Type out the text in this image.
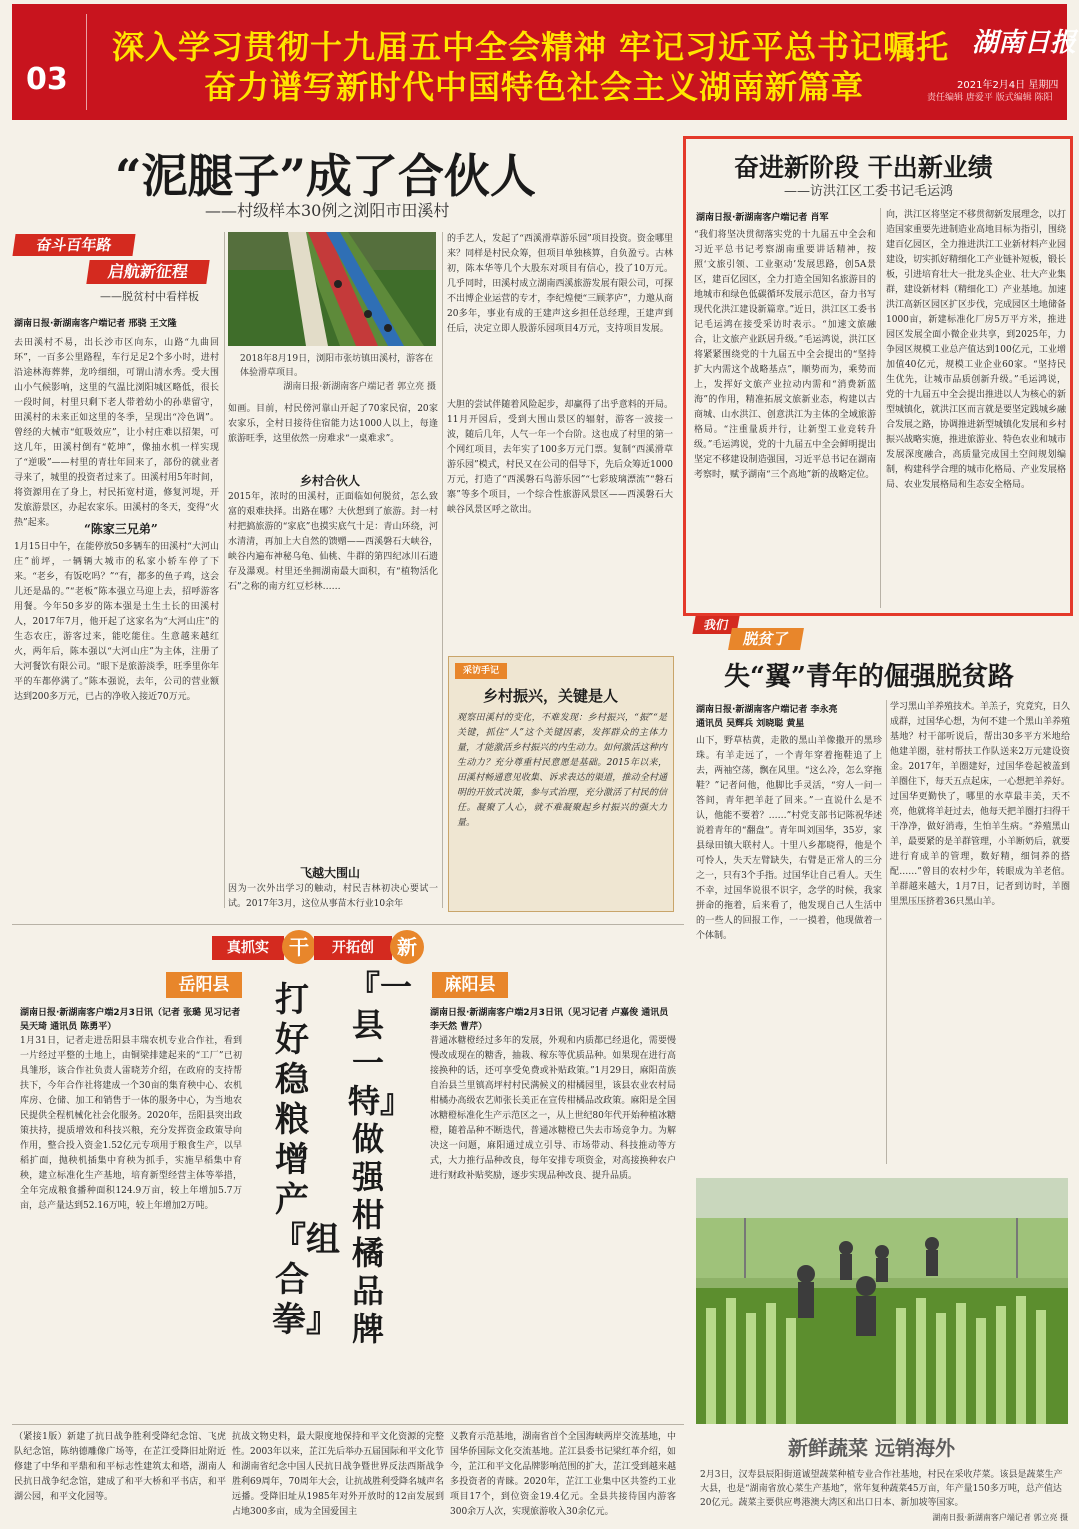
03
深入学习贯彻十九届五中全会精神 牢记习近平总书记嘱托
奋力谱写新时代中国特色社会主义湖南新篇章
湖南日报
2021年2月4日 星期四
责任编辑 唐爱平 版式编辑 陈阳
“泥腿子”成了合伙人
——村级样本30例之浏阳市田溪村
奋斗百年路
启航新征程
——脱贫村中看样板
湖南日报·新湖南客户端记者 邢骁 王文隆
去田溪村不易，出长沙市区向东，山路“九曲回环”，一百多公里路程，车行足足2个多小时，进村沿途林海葬葬，龙吟细细，可谓山清水秀。受大围山小气候影响，这里的气温比浏阳城区略低，很长一段时间，村里只剩下老人带着幼小的孙辈留守，田溪村的未来正如这里的冬季，呈现出“冷色调”。曾经的大械市“虹吸效应”，让小村庄难以招架，可这几年，田溪村倒有“乾坤”，像抽水机一样实现了“逆吸”——村里的青壮年回来了，部份的就业者寻来了，城里的投资者过来了。田溪村用5年时间，将资源用在了身上，村民拓宽村道，修复河堤，开发旅游景区，办起农家乐。田溪村的冬天，变得“火热”起来。	“陈家三兄弟”
1月15日中午，在能停放50多辆车的田溪村“大河山庄”前坪，一辆辆大城市的私家小轿车停了下来。“老乡，有饭吃吗？”“有，都多的鱼子鸡，这会儿还是晶的。”“老板”陈本强立马迎上去，招呼游客用餐。今年50多岁的陈本强是土生土长的田溪村人，2017年7月，他开起了这家名为“大河山庄”的生态农庄，游客过来，能吃能住。生意越来越红火，两年后，陈本强以“大河山庄”为主体，注册了大河餐饮有限公司。“眼下是旅游淡季，旺季里你年平的车都停满了。”陈本强说，去年，公司的营业额达到200多万元，已占的净收入接近70万元。
2018年8月19日，浏阳市张坊镇田溪村，游客在体验滑草项目。
湖南日报·新湖南客户端记者 郭立亮 摄
如画。目前，村民傍河靠山开起了70家民宿，20家农家乐，全村日接待住宿能力达1000人以上，每逢旅游旺季，这里依然一房难求“一桌难求”。
乡村合伙人
2015年，浓时的田溪村，正面临如何脱贫，怎么致富的艰难抉择。出路在哪？大伙想到了旅游。封一村村把搞旅游的“家底”也摸实底气十足：青山环绕，河水清清，再加上大自然的馈赠——西溪磐石大峡谷，峡谷内遍布神秘乌龟、仙桃、牛群的第四纪冰川石遗存及瀑观。村里还坐拥湖南最大面积，有“植物活化石”之称的南方红豆杉林……
飞越大围山
因为一次外出学习的触动，村民吉林初决心要试一试。2017年3月，这位从事苗木行业10余年
的手艺人，发起了“西溪滑草游乐园”项目投资。资金哪里来？同样是村民众筹，但项目单独核算，自负盈亏。古林初，陈本华等几个大股东对项目有信心，投了10万元。几乎同时，田溪村成立湖南西溪旅游发展有限公司，可探不出博企业运营的专才，李纪煌便“三顾茅庐”，力邀从商20多年，事业有成的王建声这乡担任总经理，王建声到任后，决定立即人股游乐园项目4万元，支持项目发展。
大胆的尝试伴随着风险起步，却赢得了出乎意料的开局。11月开园后，受到大围山景区的辐射，游客一波接一波，随后几年，人气一年一个台阶。这也成了村里的第一个网红项目，去年实了100多万元门票。复制“西溪滑草游乐园”模式，村民又在公司的倡导下，先后众筹近1000万元，打造了“西溪磐石鸟游乐园”“七彩玻璃漂流”“磐石寨”等多个项目，一个综合性旅游风景区——西溪磐石大峡谷风景区呼之欲出。
采访手记
乡村振兴，关键是人
观察田溪村的变化，不难发现：乡村振兴，“振”“是关键，抓住“人”这个关键因素，发挥群众的主体力量，才能激活乡村振兴的内生动力。如何激活这种内生动力？充分尊重村民意愿是基础。2015年以来，田溪村畅通意见收集、诉求表达的渠道，推动全村通明的开放式决策，参与式治理，充分激活了村民的信任。凝聚了人心，就不难凝聚起乡村振兴的强大力量。
奋进新阶段 干出新业绩
——访洪江区工委书记毛运鸿
湖南日报·新湖南客户端记者 肖军
“我们将坚决贯彻落实党的十九届五中全会和习近平总书记考察湖南重要讲话精神，按照‘文旅引领、工业驱动’发展思路，创5A景区，建百亿园区，全力打造全国知名旅游目的地城市和绿色低碳循环发展示范区，奋力书写现代化洪江建设新篇章。”近日，洪江区工委书记毛运鸿在接受采访时表示。“加速文旅融合，让文旅产业跃居升级。”毛运鸿说，洪江区将紧紧围绕党的十九届五中全会提出的“坚持扩大内需这个战略基点”，顺势而为，乘势而上，发挥好文旅产业拉动内需和“消费新蓝海”的作用，精准拓展文旅新业态，构建以古商城、山水洪江、创意洪江为主体的全域旅游格局。“注重量质并行，让新型工业竞转升级。”毛运鸿说，党的十九届五中全会鲜明提出坚定不移建设制造强国，习近平总书记在湖南考察时，赋予湖南“三个高地”新的战略定位。
向，洪江区将坚定不移贯彻新发展理念，以打造国家重要先进制造业高地目标为指引，围绕建百亿园区，全力推进洪江工业新材料产业园建设，切实抓好精细化工产业链补短板，锻长板，引进培育壮大一批龙头企业、壮大产业集群，建设新材料（精细化工）产业基地。加速洪江高新区园区扩区步伐，完成园区土地储备1000亩，新建标准化厂房5万平方米，推进园区发展全面小微企业共享，到2025年，力争园区规模工业总产值达到100亿元，工业增加值40亿元，规模工业企业60家。“坚持民生优先，让城市品质创新升级。”毛运鸿说，党的十九届五中全会提出推进以人为核心的新型城镇化，就洪江区而言就是要坚定践城乡融合发展之路，协调推进新型城镇化发展和乡村振兴战略实施，推进旅游业、特色农业和城市发展深度融合，高质量完成国土空间规划编制，构建科学合理的城市化格局、产业发展格局、农业发展格局和生态安全格局。
我们
脱贫了
失“翼”青年的倔强脱贫路
湖南日报·新湖南客户端记者 李永亮
通讯员 吴辉兵 刘晓聪 黄星
山下，野草枯黄，走散的黑山羊像撒开的黑珍珠。有羊走远了，一个青年穿着拖鞋追了上去，两袖空荡，飘在风里。“这么冷，怎么穿拖鞋？”记者问他，他脚比手灵活，“穷人一问一答间，青年把羊赶了回来。”一直说什么是不认，他能不要着？……”村党支部书记陈祝华述说着青年的“翻盘”。青年叫刘国华，35岁，家县绿田镇大联村人。十里八乡都晓得，他是个可怜人，失天左臂缺失，右臂是正常人的三分之一，只有3个手指。过国华让自己看人。天生不幸，过国华说很不识字，念学的时候，我家拼命的拖着，后来看了，他发现自己人生活中的一些人的回报工作，一一摸着，他现做着一个体制。
学习黑山羊养殖技术。羊羔子，究竟究，日久成群，过国华心想，为何不建一个黑山羊养殖基地？村干部听说后，帮出30多平方米地给他建羊圈，驻村帮扶工作队送来2万元建设资金。2017年，羊圈建好，过国华卷起被盖到羊圈住下，每天五点起床，一心想把羊养好。过国华更勤快了，哪里的水草最丰美，天不亮，他就将羊赶过去，他每天把羊圈打扫得干干净净，做好消毒，生怕羊生病。“养殖黑山羊，最要紧的是羊群管理，小羊断奶后，就要进行育成羊的管理，数好精，细饲养的搭配……”曾目的农村少年，转眼成为羊老倌。羊群越来越大，1月7日，记者到访时，羊圈里黑压压挤着36只黑山羊。
真抓实	干	开拓创	新
岳阳县	麻阳县
湖南日报·新湖南客户端2月3日讯（记者 张璐 见习记者 吴天琦 通讯员 陈勇平）
1月31日，记者走进岳阳县丰瑞农机专业合作社，看到一片经过平整的土地上，由铜梁排建起来的“工厂”已初具雏形，该合作社负责人雷晓芳介绍，在政府的支持帮扶下，今年合作社将建成一个30亩的集育秧中心、农机库房、仓储、加工和销售于一体的服务中心，为当地农民提供全程机械化社会化服务。2020年，岳阳县突出政策扶持，提质增效和科技兴粮，充分发挥资金政策导向作用，整合投入资金1.52亿元专项用于粮食生产，以早稻扩面，抛秧机插集中育秧为抓手，实施早稻集中育秧，建立标准化生产基地，培育新型经营主体等举措，全年完成粮食播种面积124.9万亩，较上年增加5.7万亩，总产量达到52.16万吨，较上年增加2万吨。
打好稳粮增产『组合拳』
『一县一特』做强柑橘品牌
湖南日报·新湖南客户端2月3日讯（见习记者 卢嘉俊 通讯员 李天然 曹芹）
普通冰糖橙经过多年的发展，外观和内质都已经退化，需要慢慢改成现在的糖香，抽栽、稼东等优质品种。如果现在进行高接换种的话，还可享受免费或补贴政策。”1月29日，麻阳苗族自治县兰里镇高坪村村民满候义的柑橘园里，该县农业农村局柑橘办高级农艺师张长美正在宣传柑橘品改政策。麻阳是全国冰糖橙标准化生产示范区之一，从上世纪80年代开始种植冰糖橙，随着品种不断迭代，普通冰糖橙已失去市场竞争力。为解决这一问题，麻阳通过成立引导、市场带动、科技推动等方式，大力推行品种改良，每年安排专项资金，对高接换种农户进行财政补贴奖励，逐步实现品种改良、提升品质。
（紧接1版）新建了抗日战争胜利受降纪念馆、飞虎队纪念馆，陈纳德雕像广场等，在芷江受降旧址附近修建了中华和平鼎和和平标志性建筑太和塔，湖南人民抗日战争纪念馆，建成了和平大桥和平书店，和平湖公园，和平文化园等。
抗战文物史料，最大限度地保持和平文化资源的完整性。2003年以来，芷江先后举办五届国际和平文化节和湖南省纪念中国人民抗日战争暨世界反法西斯战争胜利69周年，70周年大会，让抗战胜利受降名城声名远播。受降旧址从1985年对外开放时的12亩发展到占地300多亩，成为全国爱国主
义教育示范基地，湖南省首个全国海峡两岸交流基地，中国华侨国际文化交流基地。芷江县委书记梁红革介绍，如今，芷江和平文化品牌影响范围的扩大，芷江受到越来越多投资者的青睐。2020年，芷江工业集中区共签约工业项目17个，到位资金19.4亿元。全县共接待国内游客300余万人次，实现旅游收入30余亿元。
新鲜蔬菜 远销海外
2月3日，汉寿县辰阳街道诚望蔬菜种植专业合作社基地，村民在采收芹菜。该县是蔬菜生产大县，也是“湖南省放心菜生产基地”，常年复种蔬菜45万亩，年产量150多万吨，总产值达20亿元。蔬菜主要供应粤港澳大湾区和出口日本、新加坡等国家。
湖南日报·新湖南客户端记者 郭立亮 摄
